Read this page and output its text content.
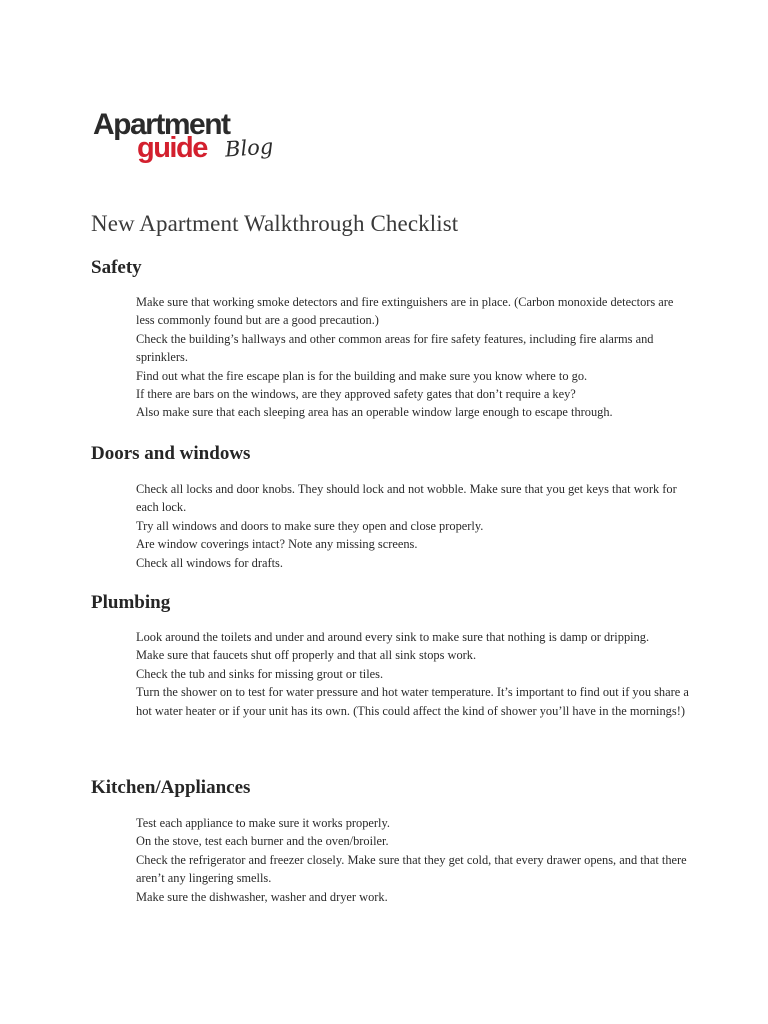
Apartment
guide Blog
New Apartment Walkthrough Checklist
Safety
Make sure that working smoke detectors and fire extinguishers are in place. (Carbon monoxide detectors are less commonly found but are a good precaution.)
Check the building’s hallways and other common areas for fire safety features, including fire alarms and sprinklers.
Find out what the fire escape plan is for the building and make sure you know where to go.
If there are bars on the windows, are they approved safety gates that don’t require a key?
Also make sure that each sleeping area has an operable window large enough to escape through.
Doors and windows
Check all locks and door knobs. They should lock and not wobble. Make sure that you get keys that work for each lock.
Try all windows and doors to make sure they open and close properly.
Are window coverings intact? Note any missing screens.
Check all windows for drafts.
Plumbing
Look around the toilets and under and around every sink to make sure that nothing is damp or dripping.
Make sure that faucets shut off properly and that all sink stops work.
Check the tub and sinks for missing grout or tiles.
Turn the shower on to test for water pressure and hot water temperature. It’s important to find out if you share a hot water heater or if your unit has its own. (This could affect the kind of shower you’ll have in the mornings!)
Kitchen/Appliances
Test each appliance to make sure it works properly.
On the stove, test each burner and the oven/broiler.
Check the refrigerator and freezer closely. Make sure that they get cold, that every drawer opens, and that there aren’t any lingering smells.
Make sure the dishwasher, washer and dryer work.
